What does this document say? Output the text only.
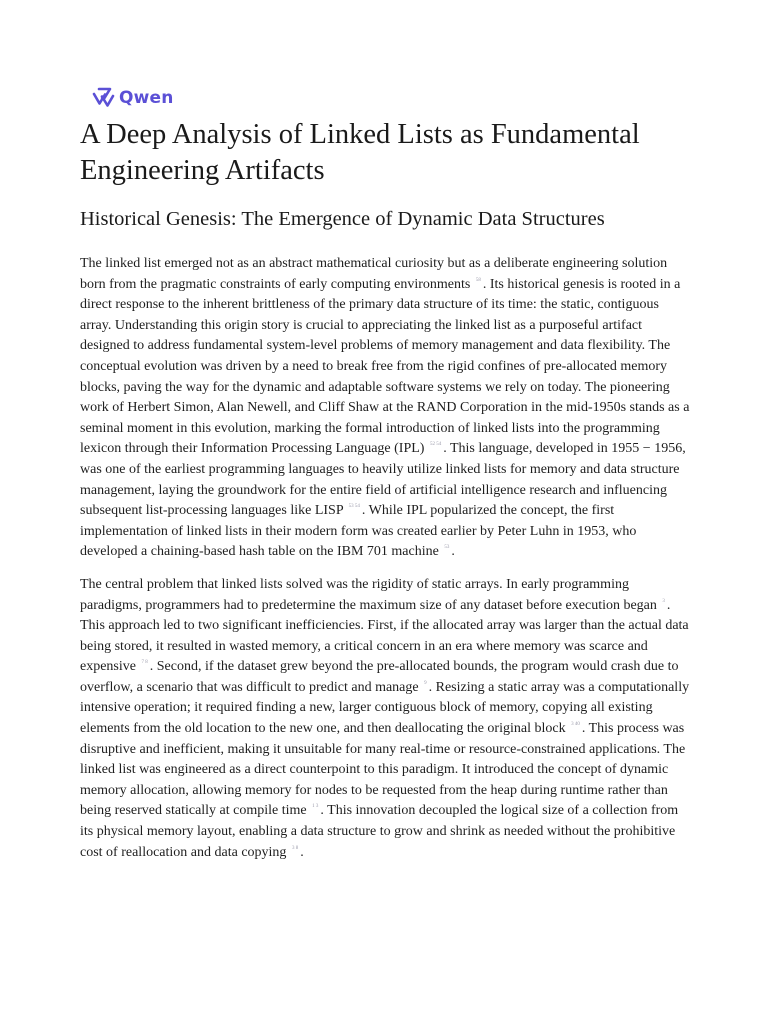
Qwen
A Deep Analysis of Linked Lists as Fundamental Engineering Artifacts
Historical Genesis: The Emergence of Dynamic Data Structures

The linked list emerged not as an abstract mathematical curiosity but as a deliberate engineering solution born from the pragmatic constraints of early computing environments $^{58}$ . Its historical genesis is rooted in a direct response to the inherent brittleness of the primary data structure of its time: the static, contiguous array. Understanding this origin story is crucial to appreciating the linked list as a purposeful artifact designed to address fundamental system-level problems of memory management and data flexibility. The conceptual evolution was driven by a need to break free from the rigid confines of pre-allocated memory blocks, paving the way for the dynamic and adaptable software systems we rely on today. The pioneering work of Herbert Simon, Alan Newell, and Cliff Shaw at the RAND Corporation in the mid-1950s stands as a seminal moment in this evolution, marking the formal introduction of linked lists into the programming lexicon through their Information Processing Language (IPL) $^{52 54}$ . This language, developed in 1955 − 1956, was one of the earliest programming languages to heavily utilize linked lists for memory and data structure management, laying the groundwork for the entire field of artificial intelligence research and influencing subsequent list-processing languages like LISP $^{53 54}$ . While IPL popularized the concept, the first implementation of linked lists in their modern form was created earlier by Peter Luhn in 1953, who developed a chaining-based hash table on the IBM 701 machine $^{53}$ .

The central problem that linked lists solved was the rigidity of static arrays. In early programming paradigms, programmers had to predetermine the maximum size of any dataset before execution began $^3$ . This approach led to two significant inefficiencies. First, if the allocated array was larger than the actual data being stored, it resulted in wasted memory, a critical concern in an era where memory was scarce and expensive $^{7 8}$ . Second, if the dataset grew beyond the pre-allocated bounds, the program would crash due to overflow, a scenario that was difficult to predict and manage $^9$ . Resizing a static array was a computationally intensive operation; it required finding a new, larger contiguous block of memory, copying all existing elements from the old location to the new one, and then deallocating the original block $^{3 40}$ . This process was disruptive and inefficient, making it unsuitable for many real-time or resource-constrained applications. The linked list was engineered as a direct counterpoint to this paradigm. It introduced the concept of dynamic memory allocation, allowing memory for nodes to be requested from the heap during runtime rather than being reserved statically at compile time $^{1 3}$ . This innovation decoupled the logical size of a collection from its physical memory layout, enabling a data structure to grow and shrink as needed without the prohibitive cost of reallocation and data copying $^{3 8}$ .
